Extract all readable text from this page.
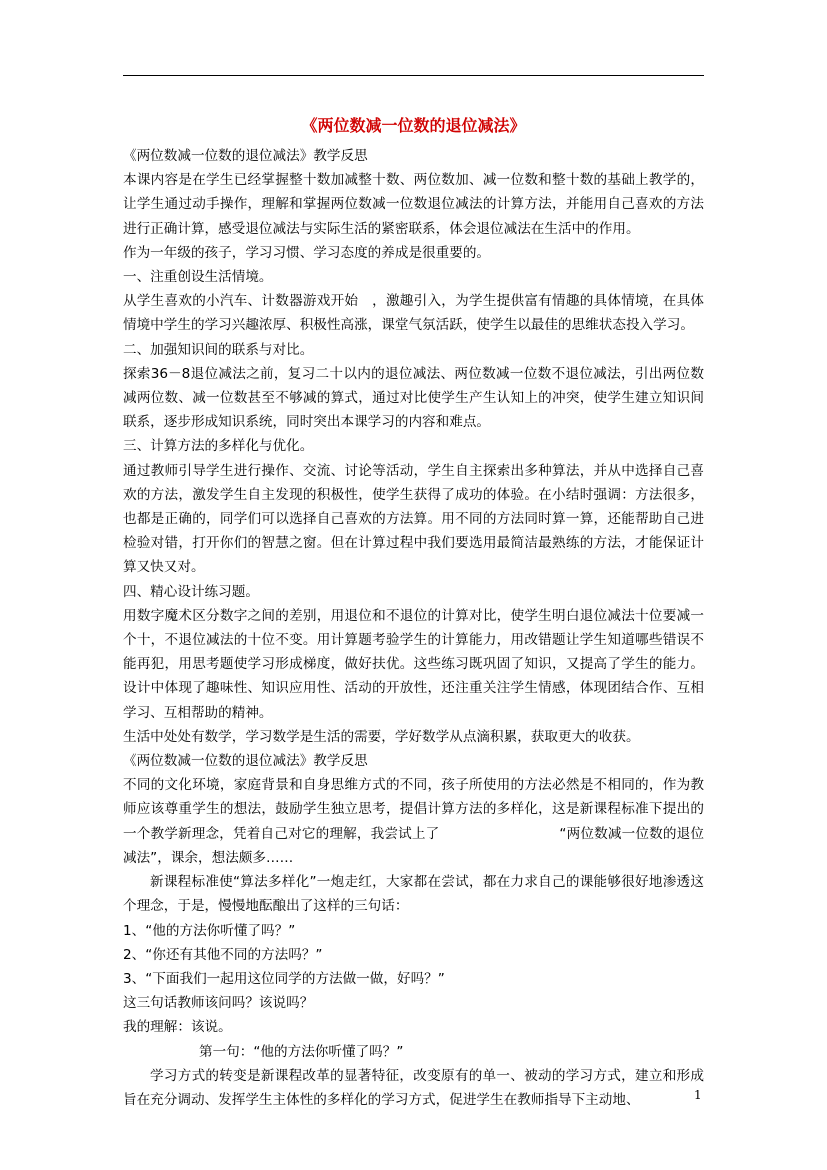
《两位数减一位数的退位减法》

《两位数减一位数的退位减法》教学反思

本课内容是在学生已经掌握整十数加减整十数、两位数加、减一位数和整十数的基础上教学的，让学生通过动手操作，理解和掌握两位数减一位数退位减法的计算方法，并能用自己喜欢的方法进行正确计算，感受退位减法与实际生活的紧密联系，体会退位减法在生活中的作用。

作为一年级的孩子，学习习惯、学习态度的养成是很重要的。

一、注重创设生活情境。

从学生喜欢的小汽车、计数器游戏开始　，激趣引入，为学生提供富有情趣的具体情境，在具体情境中学生的学习兴趣浓厚、积极性高涨，课堂气氛活跃，使学生以最佳的思维状态投入学习。

二、加强知识间的联系与对比。

探索36－8退位减法之前，复习二十以内的退位减法、两位数减一位数不退位减法，引出两位数减两位数、减一位数甚至不够减的算式，通过对比使学生产生认知上的冲突，使学生建立知识间联系，逐步形成知识系统，同时突出本课学习的内容和难点。

三、计算方法的多样化与优化。

通过教师引导学生进行操作、交流、讨论等活动，学生自主探索出多种算法，并从中选择自己喜欢的方法，激发学生自主发现的积极性，使学生获得了成功的体验。在小结时强调：方法很多，也都是正确的，同学们可以选择自己喜欢的方法算。用不同的方法同时算一算，还能帮助自己进检验对错，打开你们的智慧之窗。但在计算过程中我们要选用最简洁最熟练的方法，才能保证计算又快又对。

四、精心设计练习题。

用数字魔术区分数字之间的差别，用退位和不退位的计算对比，使学生明白退位减法十位要减一个十，不退位减法的十位不变。用计算题考验学生的计算能力，用改错题让学生知道哪些错误不能再犯，用思考题使学习形成梯度，做好扶优。这些练习既巩固了知识，又提高了学生的能力。设计中体现了趣味性、知识应用性、活动的开放性，还注重关注学生情感，体现团结合作、互相学习、互相帮助的精神。

生活中处处有数学，学习数学是生活的需要，学好数学从点滴积累，获取更大的收获。

《两位数减一位数的退位减法》教学反思

不同的文化环境，家庭背景和自身思维方式的不同，孩子所使用的方法必然是不相同的，作为教师应该尊重学生的想法，鼓励学生独立思考，提倡计算方法的多样化，这是新课程标准下提出的一个教学新理念，凭着自己对它的理解，我尝试上了	“两位数减一位数的退位减法”，课余，想法颇多……

新课程标准使“算法多样化”一炮走红，大家都在尝试，都在力求自己的课能够很好地渗透这个理念，于是，慢慢地酝酿出了这样的三句话：

1、“他的方法你听懂了吗？”

2、“你还有其他不同的方法吗？”

3、“下面我们一起用这位同学的方法做一做，好吗？”

这三句话教师该问吗？该说吗？

我的理解：该说。

第一句：“他的方法你听懂了吗？”

学习方式的转变是新课程改革的显著特征，改变原有的单一、被动的学习方式，建立和形成旨在充分调动、发挥学生主体性的多样化的学习方式，促进学生在教师指导下主动地、	1
